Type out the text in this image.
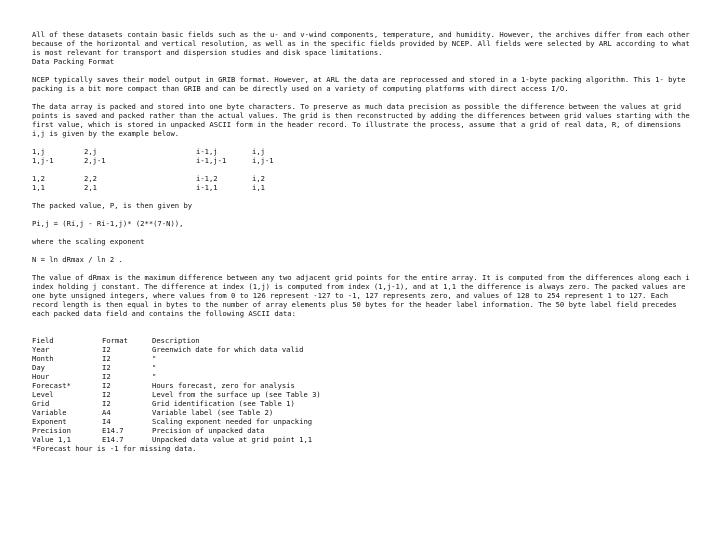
All of these datasets contain basic fields such as the u- and v-wind components, temperature, and humidity. However, the archives differ from each other because of the horizontal and vertical resolution, as well as in the specific fields provided by NCEP. All fields were selected by ARL according to what is most relevant for transport and dispersion studies and disk space limitations.

Data Packing Format

NCEP typically saves their model output in GRIB format. However, at ARL the data are reprocessed and stored in a 1-byte packing algorithm. This 1- byte packing is a bit more compact than GRIB and can be directly used on a variety of computing platforms with direct access I/O.

The data array is packed and stored into one byte characters. To preserve as much data precision as possible the difference between the values at grid points is saved and packed rather than the actual values. The grid is then reconstructed by adding the differences between grid values starting with the first value, which is stored in unpacked ASCII form in the header record. To illustrate the process, assume that a grid of real data, R, of dimensions i,j is given by the example below.

1,j	2,j	i-1,j	i,j
1,j-1	2,j-1	i-1,j-1	i,j-1
1,2	2,2	i-1,2	i,2
1,1	2,1	i-1,1	i,1

The packed value, P, is then given by

Pi,j = (Ri,j - Ri-1,j)* (2**(7-N)),

where the scaling exponent

N = ln dRmax / ln 2 .

The value of dRmax is the maximum difference between any two adjacent grid points for the entire array. It is computed from the differences along each i index holding j constant. The difference at index (1,j) is computed from index (1,j-1), and at 1,1 the difference is always zero. The packed values are one byte unsigned integers, where values from 0 to 126 represent -127 to -1, 127 represents zero, and values of 128 to 254 represent 1 to 127. Each record length is then equal in bytes to the number of array elements plus 50 bytes for the header label information. The 50 byte label field precedes each packed data field and contains the following ASCII data:

Field	Format	Description
Year	I2	Greenwich date for which data valid
Month	I2	"
Day	I2	"
Hour	I2	"
Forecast*	I2	Hours forecast, zero for analysis
Level	I2	Level from the surface up (see Table 3)
Grid	I2	Grid identification (see Table 1)
Variable	A4	Variable label (see Table 2)
Exponent	I4	Scaling exponent needed for unpacking
Precision	E14.7	Precision of unpacked data
Value 1,1	E14.7	Unpacked data value at grid point 1,1

*Forecast hour is -1 for missing data.
